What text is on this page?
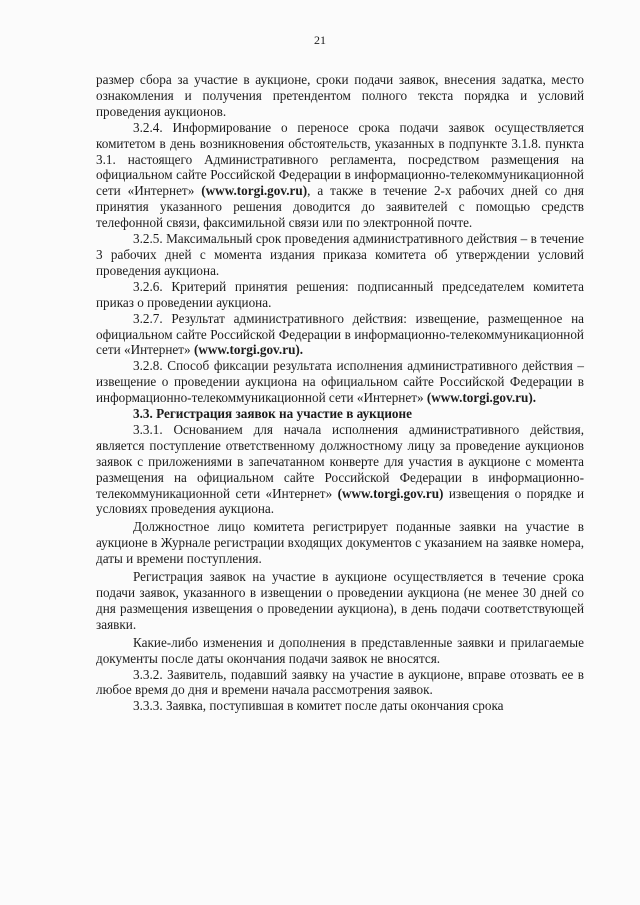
21

размер сбора за участие в аукционе, сроки подачи заявок, внесения задатка, место ознакомления и получения претендентом полного текста порядка и условий проведения аукционов.

3.2.4. Информирование о переносе срока подачи заявок осуществляется комитетом в день возникновения обстоятельств, указанных в подпункте 3.1.8. пункта 3.1. настоящего Административного регламента, посредством размещения на официальном сайте Российской Федерации в информационно-телекоммуникационной сети «Интернет» (www.torgi.gov.ru), а также в течение 2-х рабочих дней со дня принятия указанного решения доводится до заявителей с помощью средств телефонной связи, факсимильной связи или по электронной почте.

3.2.5. Максимальный срок проведения административного действия – в течение 3 рабочих дней с момента издания приказа комитета об утверждении условий проведения аукциона.

3.2.6. Критерий принятия решения: подписанный председателем комитета приказ о проведении аукциона.

3.2.7. Результат административного действия: извещение, размещенное на официальном сайте Российской Федерации в информационно-телекоммуникационной сети «Интернет» (www.torgi.gov.ru).

3.2.8. Способ фиксации результата исполнения административного действия – извещение о проведении аукциона на официальном сайте Российской Федерации в информационно-телекоммуникационной сети «Интернет» (www.torgi.gov.ru).

3.3. Регистрация заявок на участие в аукционе

3.3.1. Основанием для начала исполнения административного действия, является поступление ответственному должностному лицу за проведение аукционов заявок с приложениями в запечатанном конверте для участия в аукционе с момента размещения на официальном сайте Российской Федерации в информационно-телекоммуникационной сети «Интернет» (www.torgi.gov.ru) извещения о порядке и условиях проведения аукциона.

Должностное лицо комитета регистрирует поданные заявки на участие в аукционе в Журнале регистрации входящих документов с указанием на заявке номера, даты и времени поступления.

Регистрация заявок на участие в аукционе осуществляется в течение срока подачи заявок, указанного в извещении о проведении аукциона (не менее 30 дней со дня размещения извещения о проведении аукциона), в день подачи соответствующей заявки.

Какие-либо изменения и дополнения в представленные заявки и прилагаемые документы после даты окончания подачи заявок не вносятся.

3.3.2. Заявитель, подавший заявку на участие в аукционе, вправе отозвать ее в любое время до дня и времени начала рассмотрения заявок.

3.3.3. Заявка, поступившая в комитет после даты окончания срока
